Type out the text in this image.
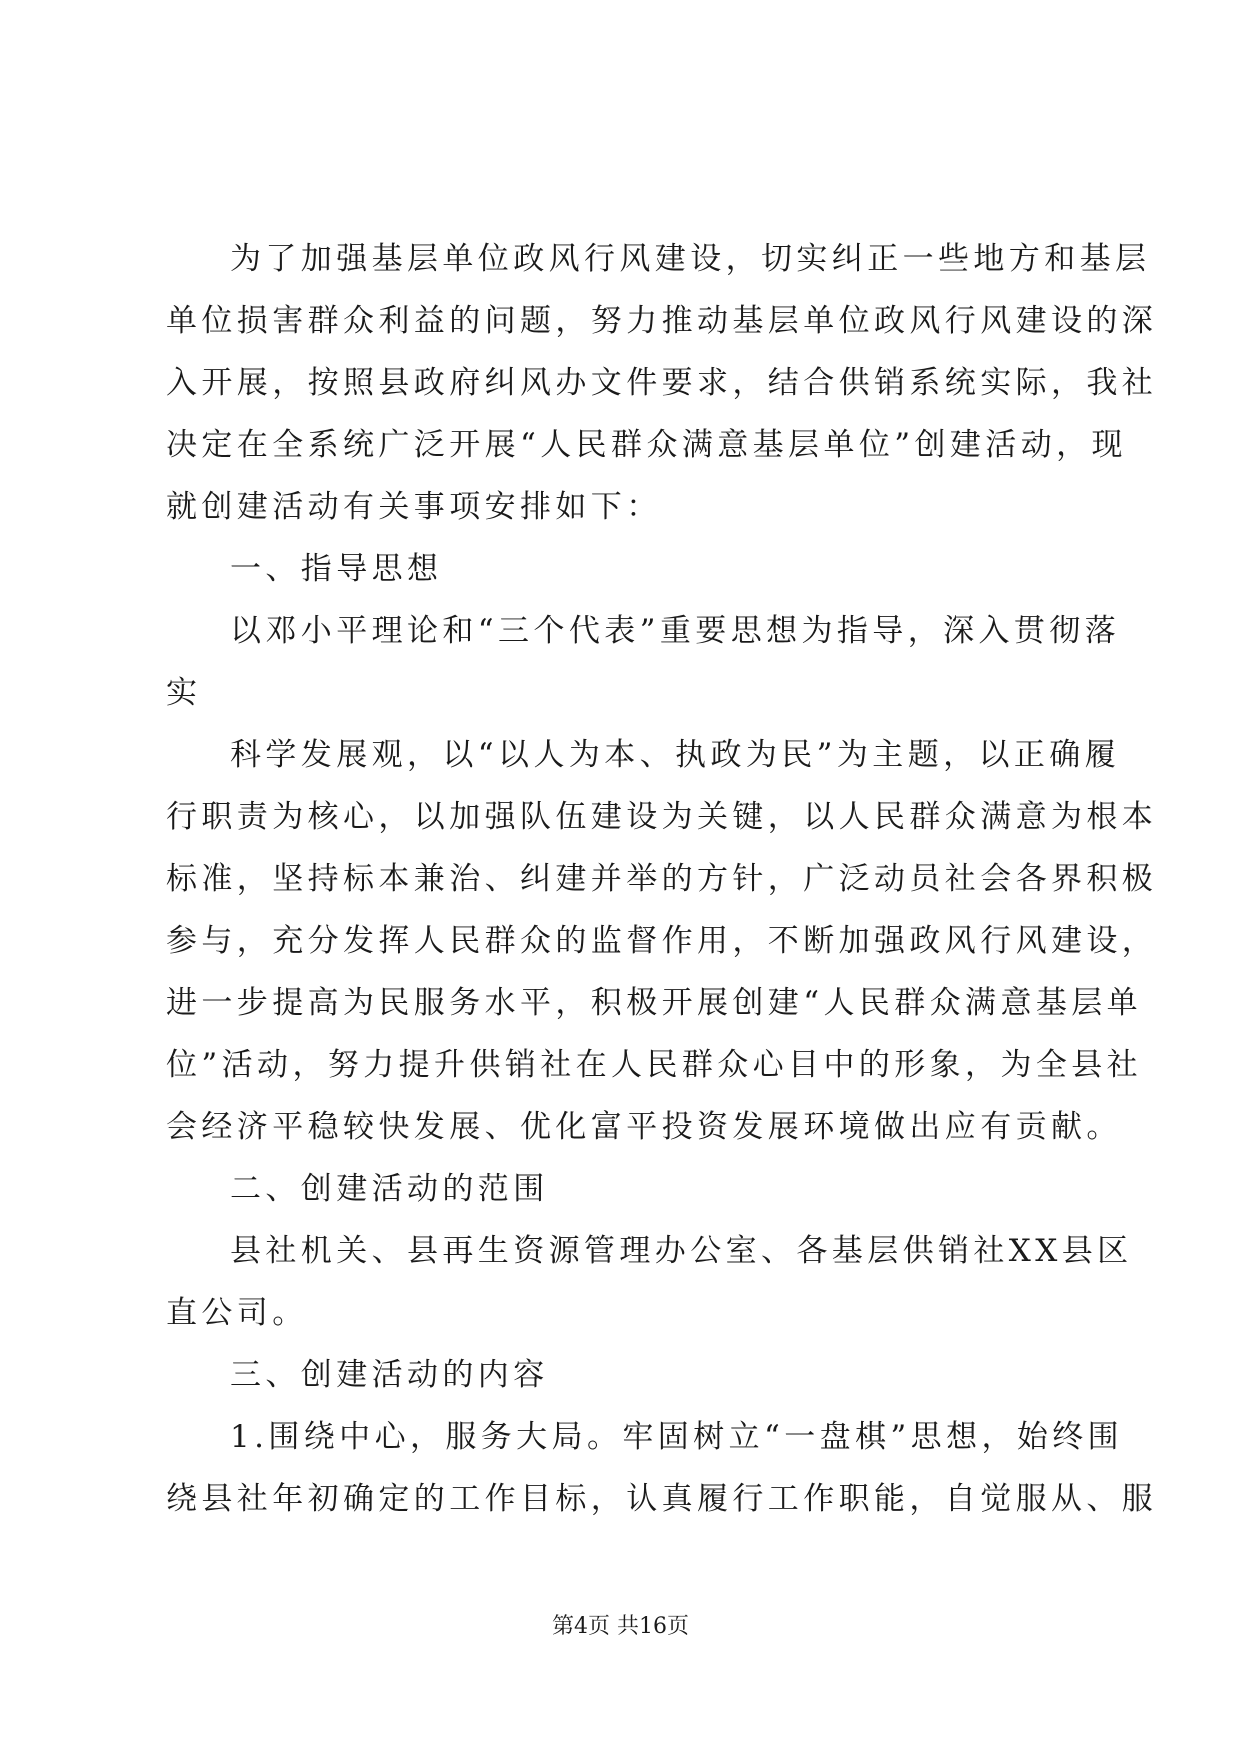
为了加强基层单位政风行风建设，切实纠正一些地方和基层
单位损害群众利益的问题，努力推动基层单位政风行风建设的深
入开展，按照县政府纠风办文件要求，结合供销系统实际，我社
决定在全系统广泛开展“人民群众满意基层单位”创建活动，现
就创建活动有关事项安排如下：
一、指导思想
以邓小平理论和“三个代表”重要思想为指导，深入贯彻落
实
科学发展观，以“以人为本、执政为民”为主题，以正确履
行职责为核心，以加强队伍建设为关键，以人民群众满意为根本
标准，坚持标本兼治、纠建并举的方针，广泛动员社会各界积极
参与，充分发挥人民群众的监督作用，不断加强政风行风建设，
进一步提高为民服务水平，积极开展创建“人民群众满意基层单
位”活动，努力提升供销社在人民群众心目中的形象，为全县社
会经济平稳较快发展、优化富平投资发展环境做出应有贡献。
二、创建活动的范围
县社机关、县再生资源管理办公室、各基层供销社XX县区
直公司。
三、创建活动的内容
1.围绕中心，服务大局。牢固树立“一盘棋”思想，始终围
绕县社年初确定的工作目标，认真履行工作职能，自觉服从、服
第4页 共16页
